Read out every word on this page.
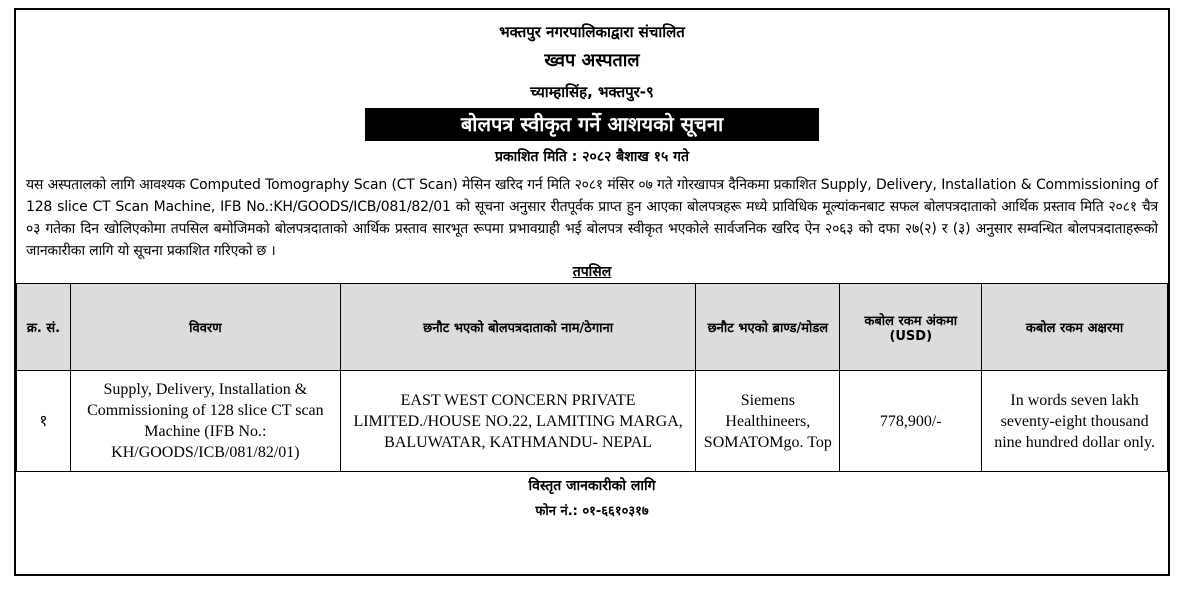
भक्तपुर नगरपालिकाद्वारा संचालित
ख्वप अस्पताल
च्याम्हासिंह, भक्तपुर-९
बोलपत्र स्वीकृत गर्ने आशयको सूचना
प्रकाशित मिति : २०८२ बैशाख १५ गते
यस अस्पतालको लागि आवश्यक Computed Tomography Scan (CT Scan) मेसिन खरिद गर्न मिति २०८१ मंसिर ०७ गते गोरखापत्र दैनिकमा प्रकाशित Supply, Delivery, Installation & Commissioning of 128 slice CT Scan Machine, IFB No.:KH/GOODS/ICB/081/82/01 को सूचना अनुसार रीतपूर्वक प्राप्त हुन आएका बोलपत्रहरू मध्ये प्राविधिक मूल्यांकनबाट सफल बोलपत्रदाताको आर्थिक प्रस्ताव मिति २०८१ चैत्र ०३ गतेका दिन खोलिएकोमा तपसिल बमोजिमको बोलपत्रदाताको आर्थिक प्रस्ताव सारभूत रूपमा प्रभावग्राही भई बोलपत्र स्वीकृत भएकोले सार्वजनिक खरिद ऐन २०६३ को दफा २७(२) र (३) अनुसार सम्वन्धित बोलपत्रदाताहरूको जानकारीका लागि यो सूचना प्रकाशित गरिएको छ ।
तपसिल
क्र. सं.	विवरण	छनौट भएको बोलपत्रदाताको नाम/ठेगाना	छनौट भएको ब्राण्ड/मोडल	कबोल रकम अंकमा (USD)	कबोल रकम अक्षरमा
१	Supply, Delivery, Installation & Commissioning of 128 slice CT scan Machine (IFB No.: KH/GOODS/ICB/081/82/01)	EAST WEST CONCERN PRIVATE LIMITED./HOUSE NO.22, LAMITING MARGA, BALUWATAR, KATHMANDU- NEPAL	Siemens Healthineers, SOMATOMgo. Top	778,900/-	In words seven lakh seventy-eight thousand nine hundred dollar only.
विस्तृत जानकारीको लागि
फोन नं.: ०१-६६१०३१७
